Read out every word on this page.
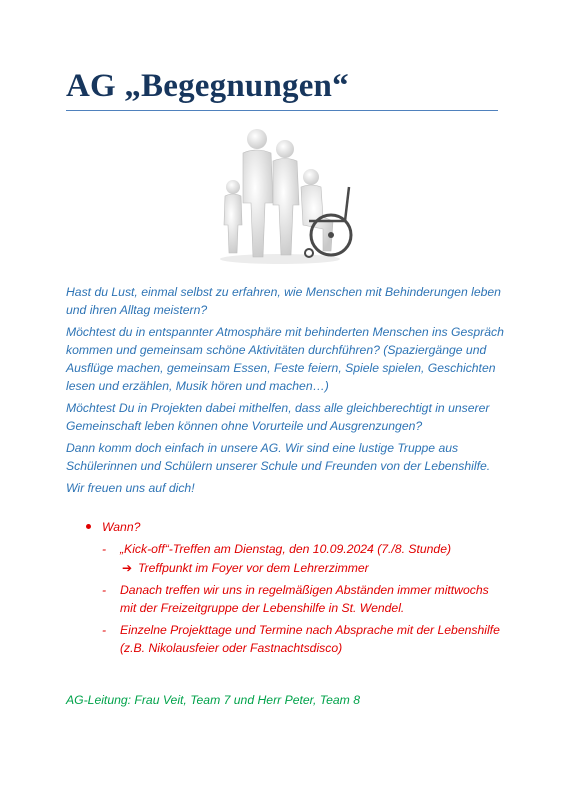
AG „Begegnungen“

Hast du Lust, einmal selbst zu erfahren, wie Menschen mit Behinderungen leben und ihren Alltag meistern?

Möchtest du in entspannter Atmosphäre mit behinderten Menschen ins Gespräch kommen und gemeinsam schöne Aktivitäten durchführen? (Spaziergänge und Ausflüge machen, gemeinsam Essen, Feste feiern, Spiele spielen, Geschichten lesen und erzählen, Musik hören und machen…)

Möchtest Du in Projekten dabei mithelfen, dass alle gleichberechtigt in unserer Gemeinschaft leben können ohne Vorurteile und Ausgrenzungen?

Dann komm doch einfach in unsere AG. Wir sind eine lustige Truppe aus Schülerinnen und Schülern unserer Schule und Freunden von der Lebenshilfe.

Wir freuen uns auf dich!

Wann?
- „Kick-off“-Treffen am Dienstag, den 10.09.2024 (7./8. Stunde)
➔ Treffpunkt im Foyer vor dem Lehrerzimmer
- Danach treffen wir uns in regelmäßigen Abständen immer mittwochs mit der Freizeitgruppe der Lebenshilfe in St. Wendel.
- Einzelne Projekttage und Termine nach Absprache mit der Lebenshilfe (z.B. Nikolausfeier oder Fastnachtsdisco)
AG-Leitung: Frau Veit, Team 7 und Herr Peter, Team 8
